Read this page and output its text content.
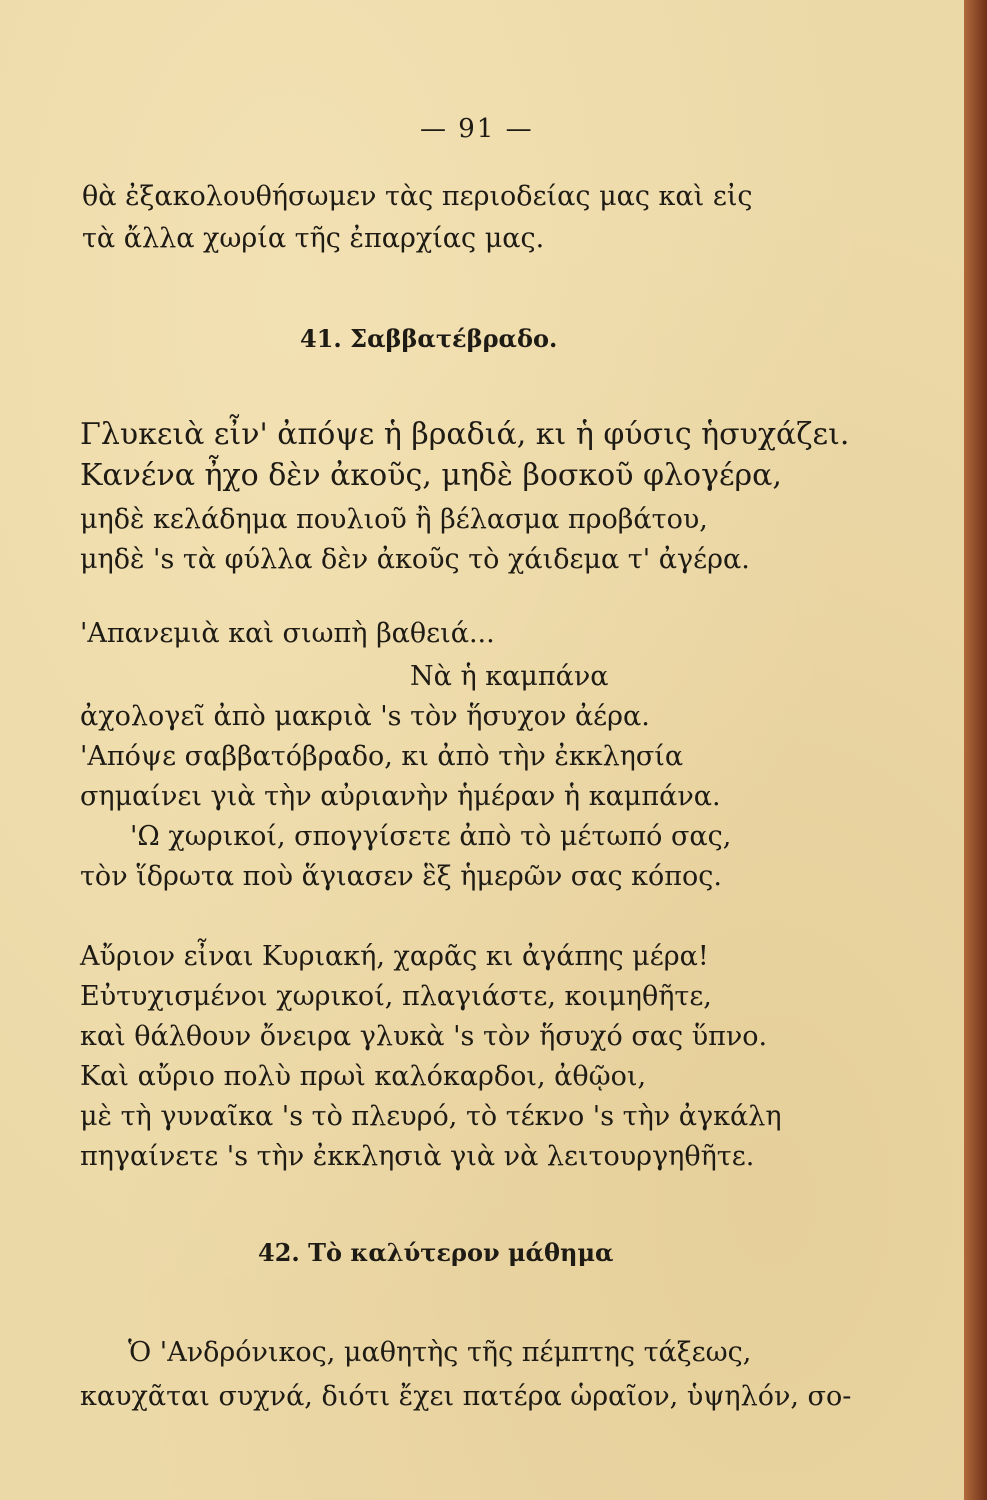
— 91 —

θὰ ἐξακολουθήσωμεν τὰς περιοδείας μας καὶ εἰς

τὰ ἄλλα χωρία τῆς ἐπαρχίας μας.

41. Σαββατέβραδο.

Γλυκειὰ εἶν' ἀπόψε ἡ βραδιά, κι ἡ φύσις ἡσυχάζει.

Κανένα ἦχο δὲν ἀκοῦς, μηδὲ βοσκοῦ φλογέρα,

μηδὲ κελάδημα πουλιοῦ ἢ βέλασμα προβάτου,

μηδὲ 's τὰ φύλλα δὲν ἀκοῦς τὸ χάιδεμα τ' ἀγέρα.

'Απανεμιὰ καὶ σιωπὴ βαθειά...

Νὰ ἡ καμπάνα

ἀχολογεῖ ἀπὸ μακριὰ 's τὸν ἥσυχον ἀέρα.

'Απόψε σαββατόβραδο, κι ἀπὸ τὴν ἐκκλησία

σημαίνει γιὰ τὴν αὐριανὴν ἡμέραν ἡ καμπάνα.

'Ω χωρικοί, σπογγίσετε ἀπὸ τὸ μέτωπό σας,

τὸν ἵδρωτα ποὺ ἅγιασεν ἓξ ἡμερῶν σας κόπος.

Αὔριον εἶναι Κυριακή, χαρᾶς κι ἀγάπης μέρα!

Εὐτυχισμένοι χωρικοί, πλαγιάστε, κοιμηθῆτε,

καὶ θάλθουν ὄνειρα γλυκὰ 's τὸν ἥσυχό σας ὕπνο.

Καὶ αὔριο πολὺ πρωὶ καλόκαρδοι, ἀθῷοι,

μὲ τὴ γυναῖκα 's τὸ πλευρό, τὸ τέκνο 's τὴν ἀγκάλη

πηγαίνετε 's τὴν ἐκκλησιὰ γιὰ νὰ λειτουργηθῆτε.

42. Τὸ καλύτερον μάθημα

Ὁ 'Ανδρόνικος, μαθητὴς τῆς πέμπτης τάξεως,

καυχᾶται συχνά, διότι ἔχει πατέρα ὡραῖον, ὑψηλόν, σο-
